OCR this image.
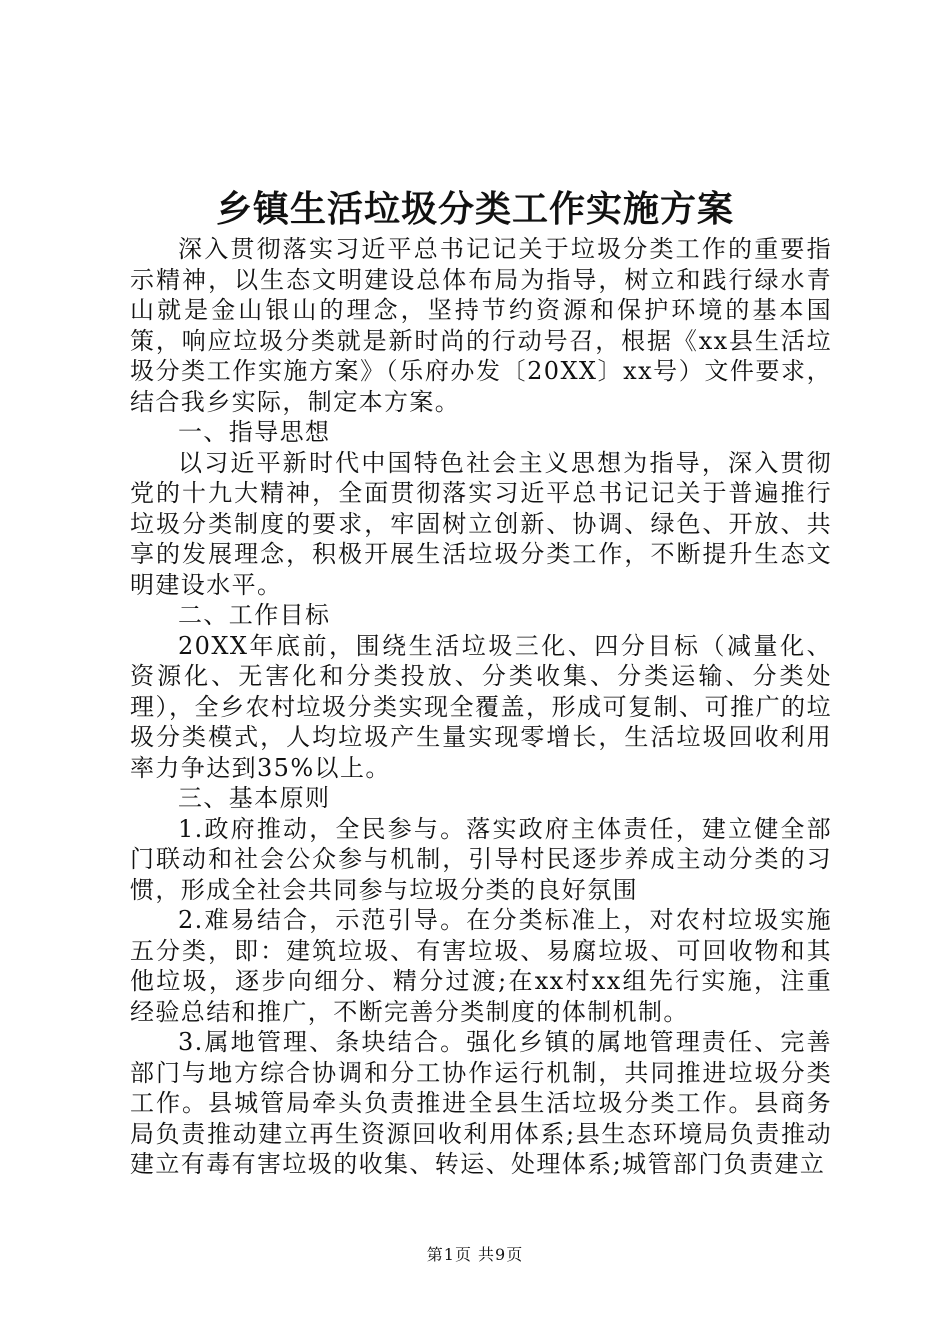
乡镇生活垃圾分类工作实施方案

深入贯彻落实习近平总书记记关于垃圾分类工作的重要指示精神，以生态文明建设总体布局为指导，树立和践行绿水青山就是金山银山的理念，坚持节约资源和保护环境的基本国策，响应垃圾分类就是新时尚的行动号召，根据《xx县生活垃圾分类工作实施方案》（乐府办发〔20XX〕xx号）文件要求，结合我乡实际，制定本方案。

一、指导思想

以习近平新时代中国特色社会主义思想为指导，深入贯彻党的十九大精神，全面贯彻落实习近平总书记记关于普遍推行垃圾分类制度的要求，牢固树立创新、协调、绿色、开放、共享的发展理念，积极开展生活垃圾分类工作，不断提升生态文明建设水平。

二、工作目标

20XX年底前，围绕生活垃圾三化、四分目标（减量化、资源化、无害化和分类投放、分类收集、分类运输、分类处理），全乡农村垃圾分类实现全覆盖，形成可复制、可推广的垃圾分类模式，人均垃圾产生量实现零增长，生活垃圾回收利用率力争达到35%以上。

三、基本原则

1.政府推动，全民参与。落实政府主体责任，建立健全部门联动和社会公众参与机制，引导村民逐步养成主动分类的习惯，形成全社会共同参与垃圾分类的良好氛围

2.难易结合，示范引导。在分类标准上，对农村垃圾实施五分类，即：建筑垃圾、有害垃圾、易腐垃圾、可回收物和其他垃圾，逐步向细分、精分过渡;在xx村xx组先行实施，注重经验总结和推广，不断完善分类制度的体制机制。

3.属地管理、条块结合。强化乡镇的属地管理责任、完善部门与地方综合协调和分工协作运行机制，共同推进垃圾分类工作。县城管局牵头负责推进全县生活垃圾分类工作。县商务局负责推动建立再生资源回收利用体系;县生态环境局负责推动建立有毒有害垃圾的收集、转运、处理体系;城管部门负责建立

第1页 共9页
